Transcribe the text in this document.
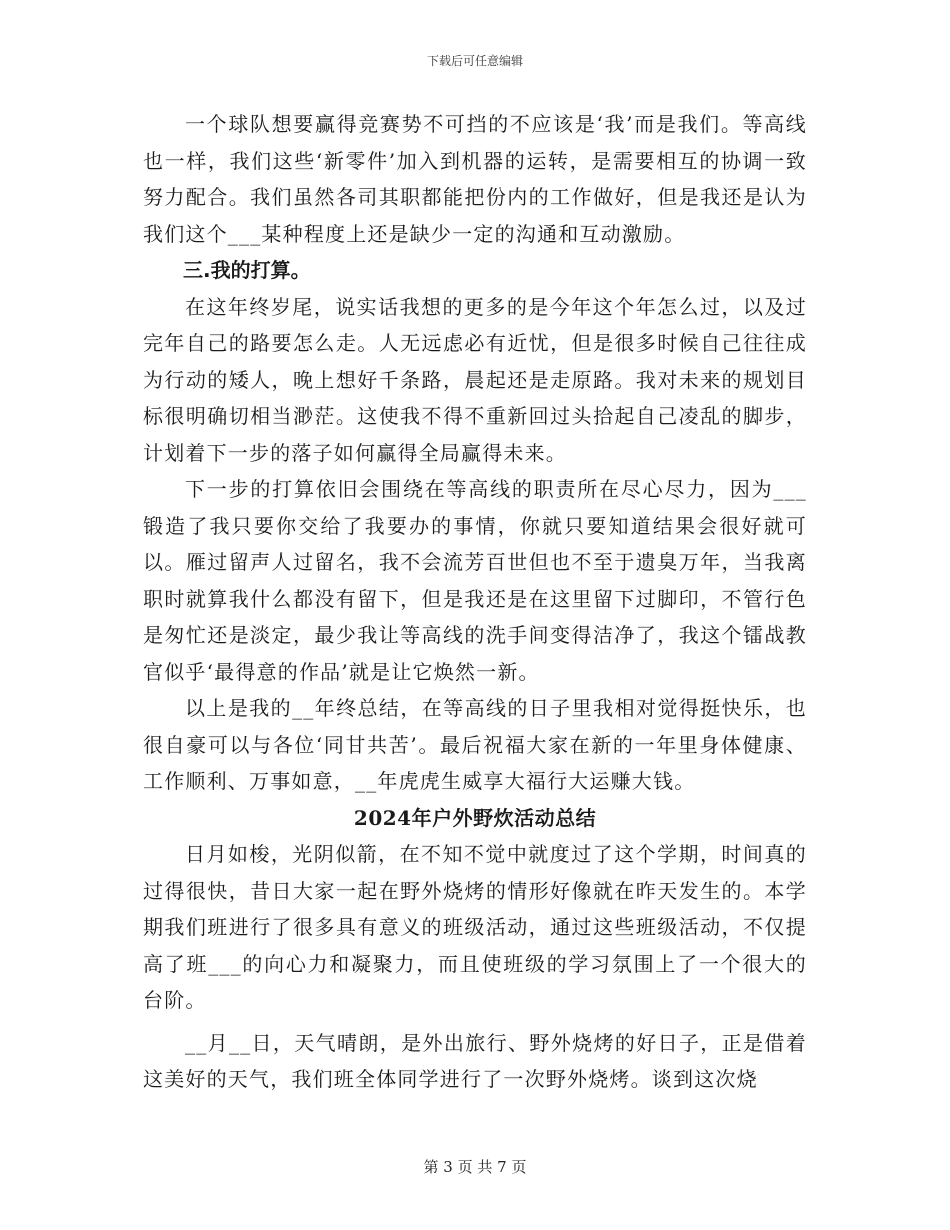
下载后可任意编辑

一个球队想要赢得竞赛势不可挡的不应该是‘我’而是我们。等高线也一样，我们这些‘新零件’加入到机器的运转，是需要相互的协调一致努力配合。我们虽然各司其职都能把份内的工作做好，但是我还是认为我们这个___某种程度上还是缺少一定的沟通和互动激励。

三.我的打算。

在这年终岁尾，说实话我想的更多的是今年这个年怎么过，以及过完年自己的路要怎么走。人无远虑必有近忧，但是很多时候自己往往成为行动的矮人，晚上想好千条路，晨起还是走原路。我对未来的规划目标很明确切相当渺茫。这使我不得不重新回过头拾起自己凌乱的脚步，计划着下一步的落子如何赢得全局赢得未来。

下一步的打算依旧会围绕在等高线的职责所在尽心尽力，因为___锻造了我只要你交给了我要办的事情，你就只要知道结果会很好就可以。雁过留声人过留名，我不会流芳百世但也不至于遗臭万年，当我离职时就算我什么都没有留下，但是我还是在这里留下过脚印，不管行色是匆忙还是淡定，最少我让等高线的洗手间变得洁净了，我这个镭战教官似乎‘最得意的作品’就是让它焕然一新。

以上是我的__年终总结，在等高线的日子里我相对觉得挺快乐，也很自豪可以与各位‘同甘共苦’。最后祝福大家在新的一年里身体健康、工作顺利、万事如意，__年虎虎生威享大福行大运赚大钱。

2024年户外野炊活动总结

日月如梭，光阴似箭，在不知不觉中就度过了这个学期，时间真的过得很快，昔日大家一起在野外烧烤的情形好像就在昨天发生的。本学期我们班进行了很多具有意义的班级活动，通过这些班级活动，不仅提高了班___的向心力和凝聚力，而且使班级的学习氛围上了一个很大的台阶。

__月__日，天气晴朗，是外出旅行、野外烧烤的好日子，正是借着这美好的天气，我们班全体同学进行了一次野外烧烤。谈到这次烧

第 3 页 共 7 页
